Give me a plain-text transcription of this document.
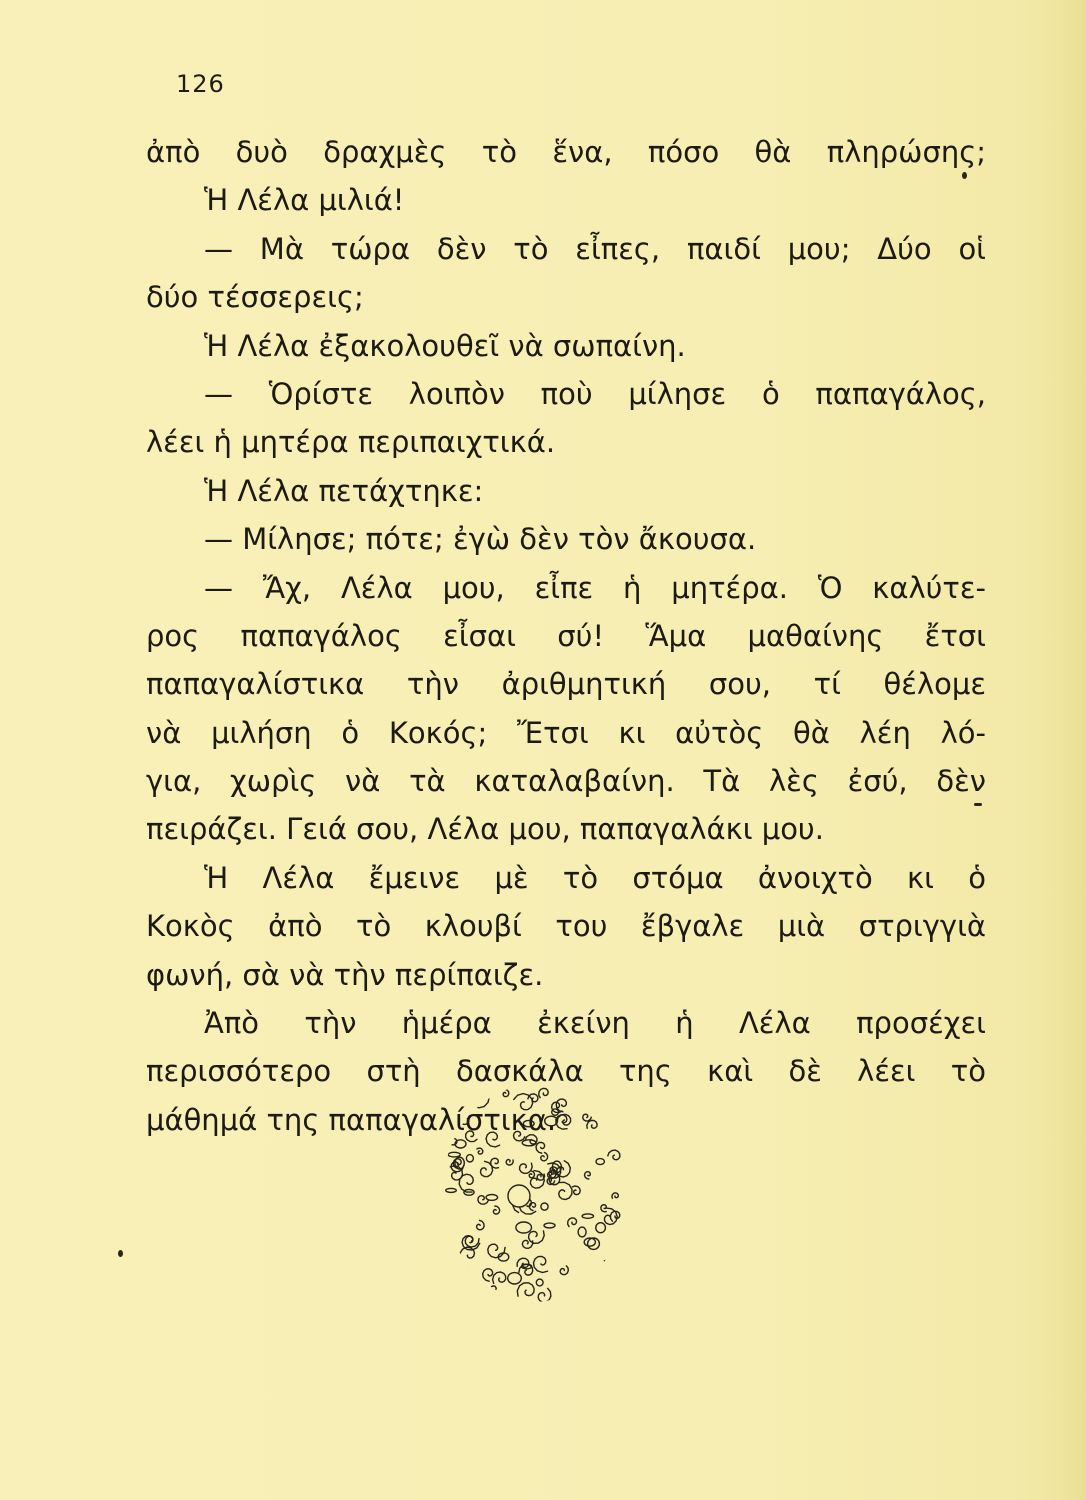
126
ἀπὸ δυὸ δραχμὲς τὸ ἕνα, πόσο θὰ πληρώσης;
Ἡ Λέλα μιλιά!
— Μὰ τώρα δὲν τὸ εἶπες, παιδί μου; Δύο οἱ
δύο τέσσερεις;
Ἡ Λέλα ἐξακολουθεῖ νὰ σωπαίνη.
— Ὁρίστε λοιπὸν ποὺ μίλησε ὁ παπαγάλος,
λέει ἡ μητέρα περιπαιχτικά.
Ἡ Λέλα πετάχτηκε:
— Μίλησε; πότε; ἐγὼ δὲν τὸν ἄκουσα.
— Ἄχ, Λέλα μου, εἶπε ἡ μητέρα. Ὁ καλύτε-
ρος παπαγάλος εἶσαι σύ! Ἅμα μαθαίνης ἔτσι
παπαγαλίστικα τὴν ἀριθμητική σου, τί θέλομε
νὰ μιλήση ὁ Κοκός; Ἔτσι κι αὐτὸς θὰ λέη λό-
για, χωρὶς νὰ τὰ καταλαβαίνη. Τὰ λὲς ἐσύ, δὲν
πειράζει. Γειά σου, Λέλα μου, παπαγαλάκι μου.
Ἡ Λέλα ἔμεινε μὲ τὸ στόμα ἀνοιχτὸ κι ὁ
Κοκὸς ἀπὸ τὸ κλουβί του ἔβγαλε μιὰ στριγγιὰ
φωνή, σὰ νὰ τὴν περίπαιζε.
Ἀπὸ τὴν ἡμέρα ἐκείνη ἡ Λέλα προσέχει
περισσότερο στὴ δασκάλα της καὶ δὲ λέει τὸ
μάθημά της παπαγαλίστικα.
